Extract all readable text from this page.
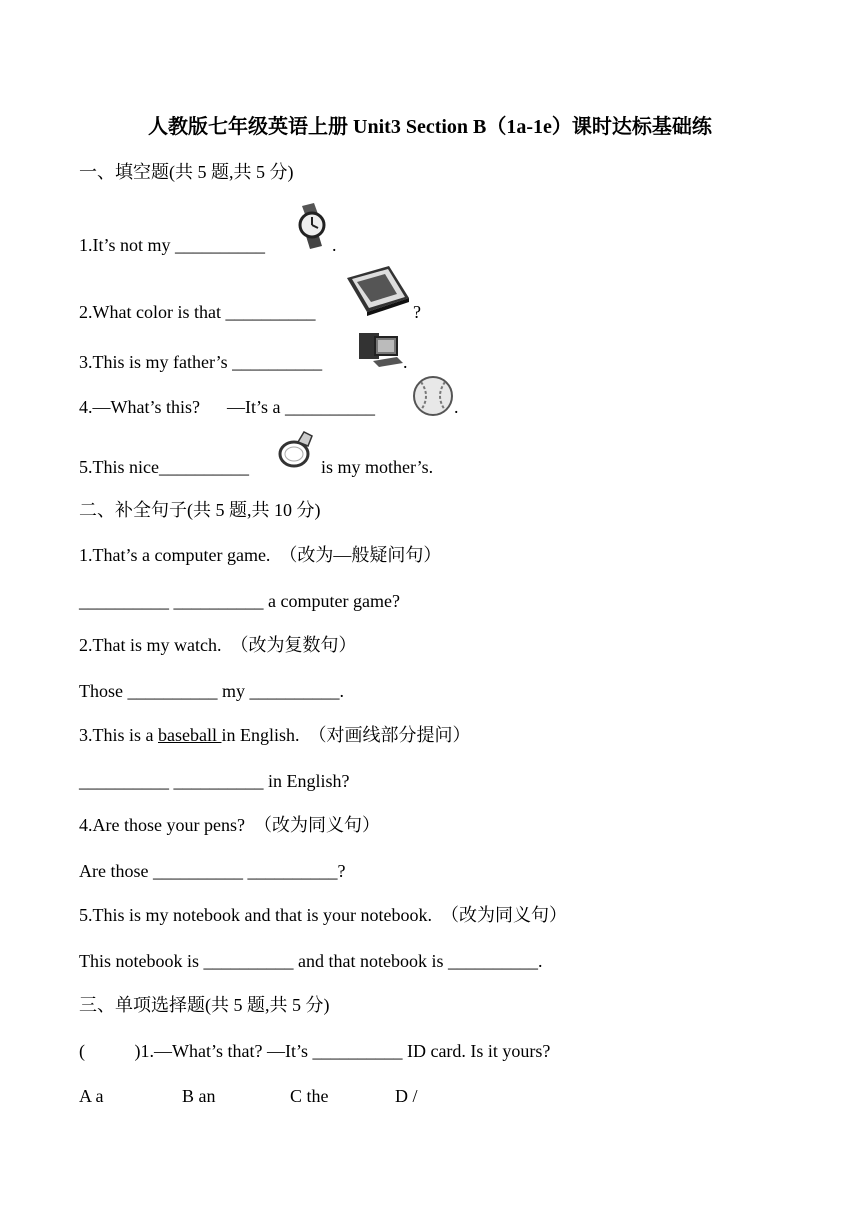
人教版七年级英语上册 Unit3 Section B（1a-1e）课时达标基础练
一、填空题(共 5 题,共 5 分)
1.It’s not my __________	.
2.What color is that __________	?
3.This is my father’s __________	.
4.—What’s this?      —It’s a __________	.
5.This nice__________	is my mother’s.
二、补全句子(共 5 题,共 10 分)
1.That’s a computer game.  （改为—般疑问句）
__________ __________ a computer game?
2.That is my watch.  （改为复数句）
Those __________ my __________.
3.This is a baseball in English.  （对画线部分提问）
__________ __________ in English?
4.Are those your pens?  （改为同义句）
Are those __________ __________?
5.This is my notebook and that is your notebook.  （改为同义句）
This notebook is __________ and that notebook is __________.
三、单项选择题(共 5 题,共 5 分)
(           )1.—What’s that? —It’s __________ ID card. Is it yours?
A a	B an	C the	D /
